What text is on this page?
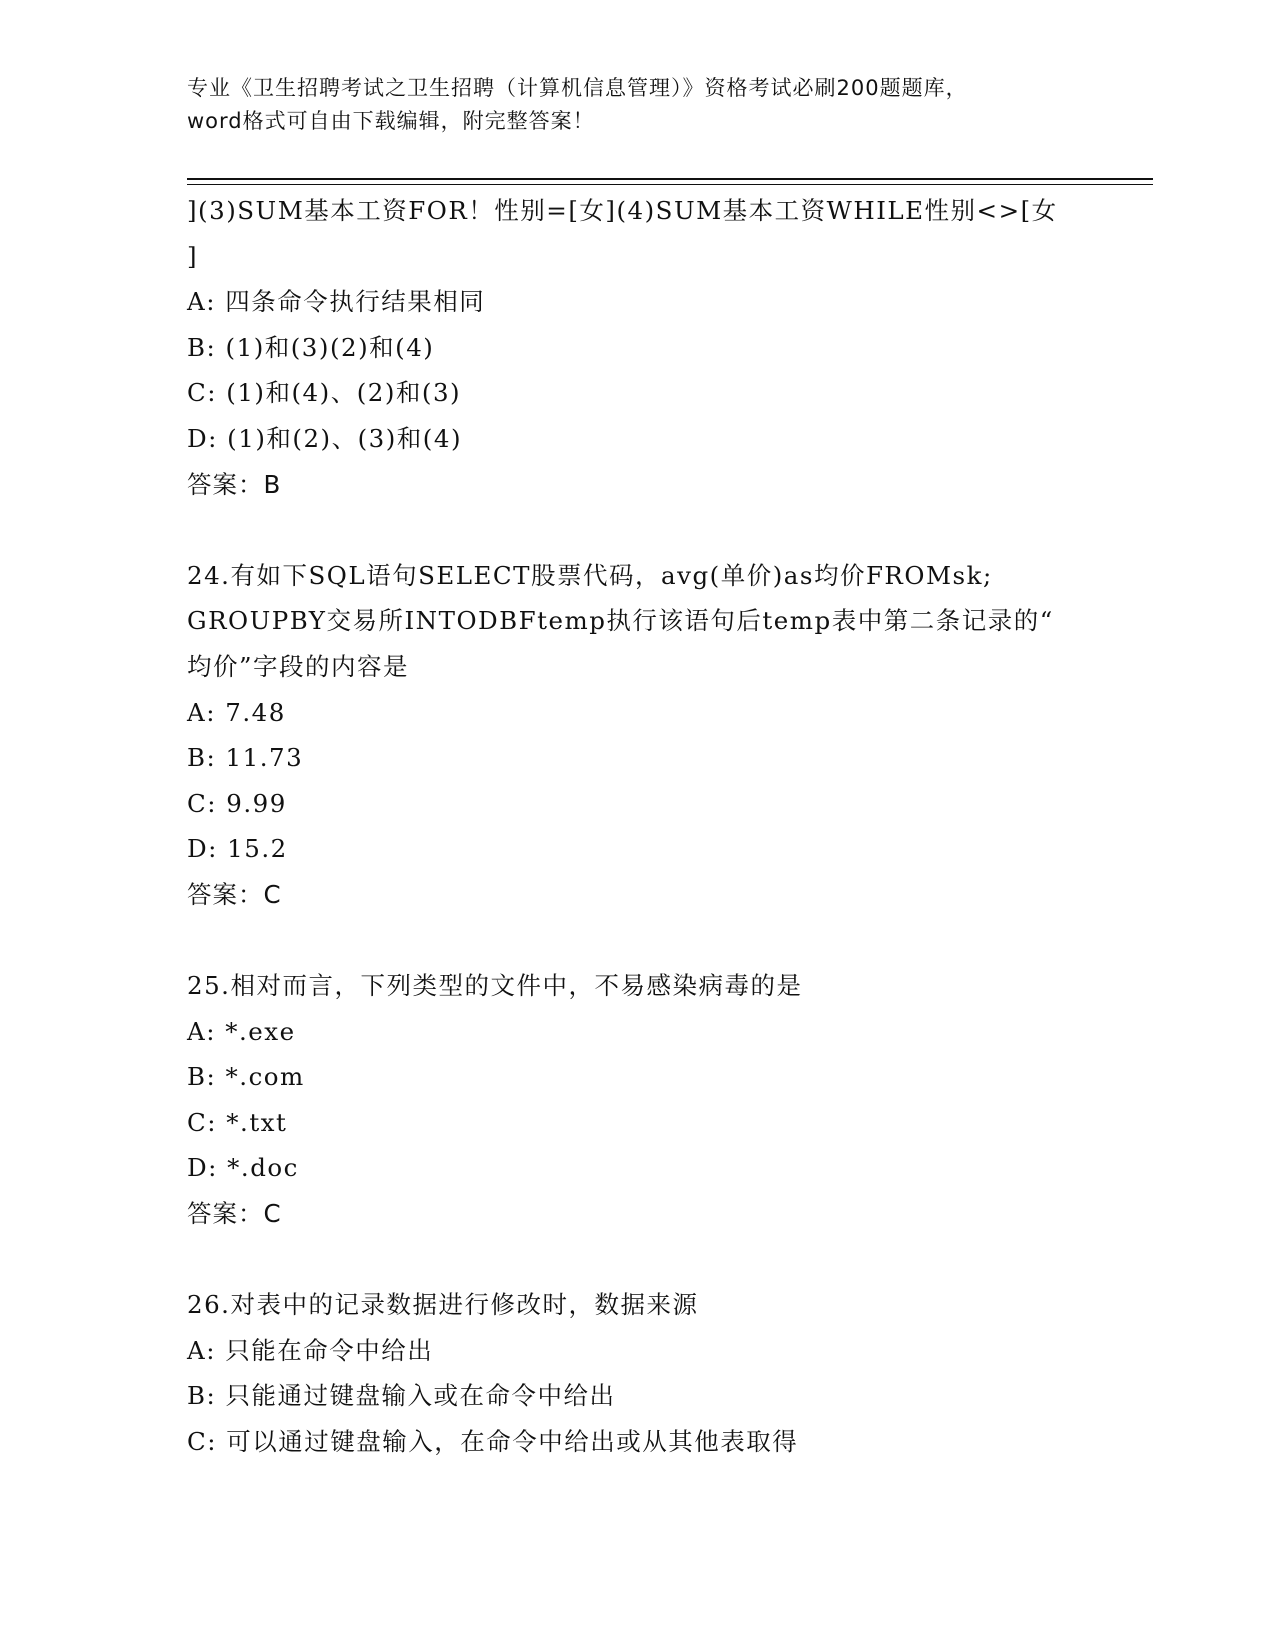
专业《卫生招聘考试之卫生招聘（计算机信息管理）》资格考试必刷200题题库，
word格式可自由下载编辑，附完整答案！
](3)SUM基本工资FOR！性别=[女](4)SUM基本工资WHILE性别<>[女
]
A: 四条命令执行结果相同
B: (1)和(3)(2)和(4)
C: (1)和(4)、(2)和(3)
D: (1)和(2)、(3)和(4)
答案：B
24.有如下SQL语句SELECT股票代码，avg(单价)as均价FROMsk;
GROUPBY交易所INTODBFtemp执行该语句后temp表中第二条记录的“
均价”字段的内容是
A: 7.48
B: 11.73
C: 9.99
D: 15.2
答案：C
25.相对而言，下列类型的文件中，不易感染病毒的是
A: *.exe
B: *.com
C: *.txt
D: *.doc
答案：C
26.对表中的记录数据进行修改时，数据来源
A: 只能在命令中给出
B: 只能通过键盘输入或在命令中给出
C: 可以通过键盘输入，在命令中给出或从其他表取得
